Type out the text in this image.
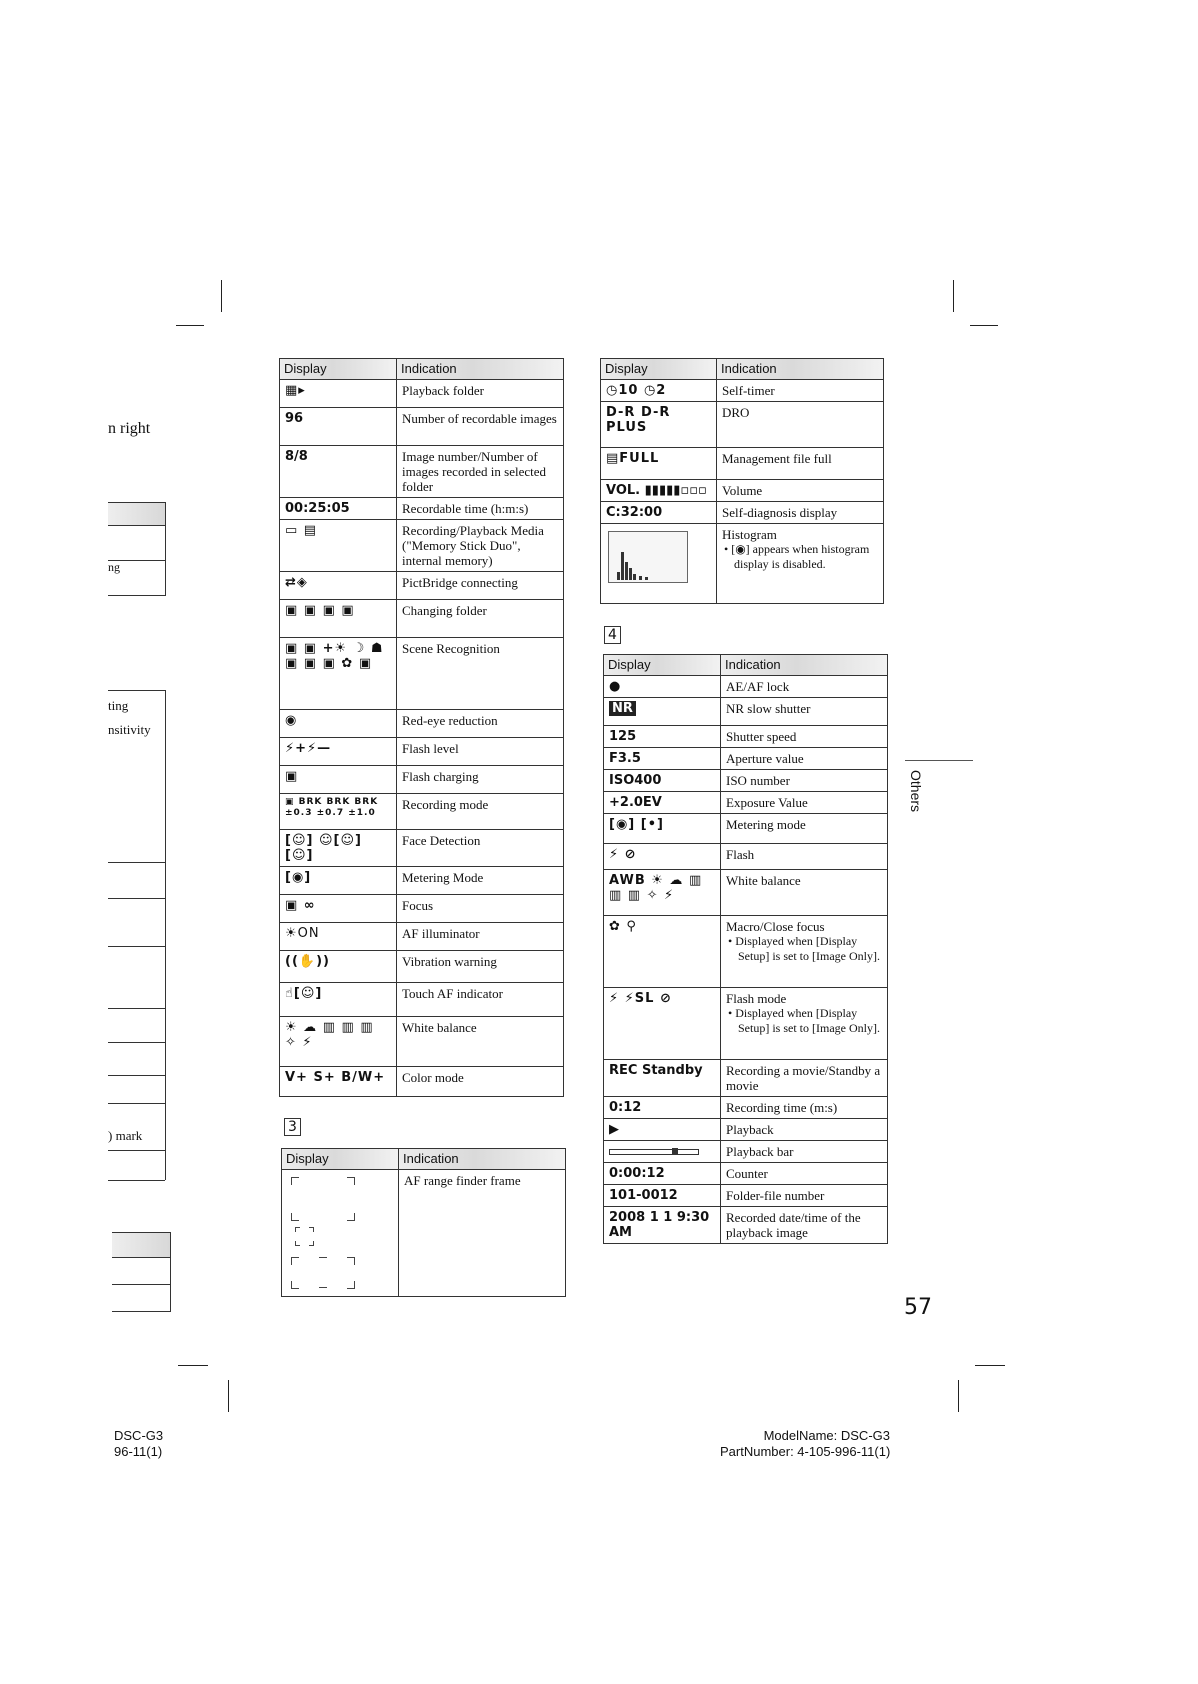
n right
ng
ting
nsitivity
) mark
Display	Indication
▦▸	Playback folder
96	Number of recordable images
8/8	Image number/Number of images recorded in selected folder
00:25:05	Recordable time (h:m:s)
▭ ▤	Recording/Playback Media ("Memory Stick Duo", internal memory)
⇄◈	PictBridge connecting
▣ ▣ ▣ ▣	Changing folder
▣ ▣ +☀ ☽ ☗ ▣ ▣ ▣ ✿ ▣	Scene Recognition
◉	Red-eye reduction
⚡+⚡—	Flash level
▣	Flash charging
▣ BRK BRK BRK ±0.3 ±0.7 ±1.0	Recording mode
[☺] ☺[☺] [☺]	Face Detection
[◉]	Metering Mode
▣ ∞	Focus
☀ON	AF illuminator
((✋))	Vibration warning
☝[☺]	Touch AF indicator
☀ ☁ ▥ ▥ ▥ ✧ ⚡	White balance
V+ S+ B/W+	Color mode
3
Display	Indication

	AF range finder frame
Display	Indication
◷10 ◷2	Self-timer
D-R D-R PLUS	DRO
▤FULL	Management file full
VOL. ▮▮▮▮▮▫▫▫	Volume
C:32:00	Self-diagnosis display

	Histogram
• [◉] appears when histogram display is disabled.
4
Display	Indication
●	AE/AF lock
NR	NR slow shutter
125	Shutter speed
F3.5	Aperture value
ISO400	ISO number
+2.0EV	Exposure Value
[◉] [•]	Metering mode
⚡ ⊘	Flash
AWB ☀ ☁ ▥ ▥ ▥ ✧ ⚡	White balance
✿ ⚲	Macro/Close focus
• Displayed when [Display Setup] is set to [Image Only].

⚡ ⚡SL ⊘	Flash mode
• Displayed when [Display Setup] is set to [Image Only].

REC Standby	Recording a movie/Standby a movie
0:12	Recording time (m:s)
▶	Playback

	Playback bar
0:00:12	Counter
101-0012	Folder-file number
2008 1 1 9:30 AM	Recorded date/time of the playback image
Others
57
DSC-G3
96-11(1)
ModelName: DSC-G3
PartNumber: 4-105-996-11(1)
